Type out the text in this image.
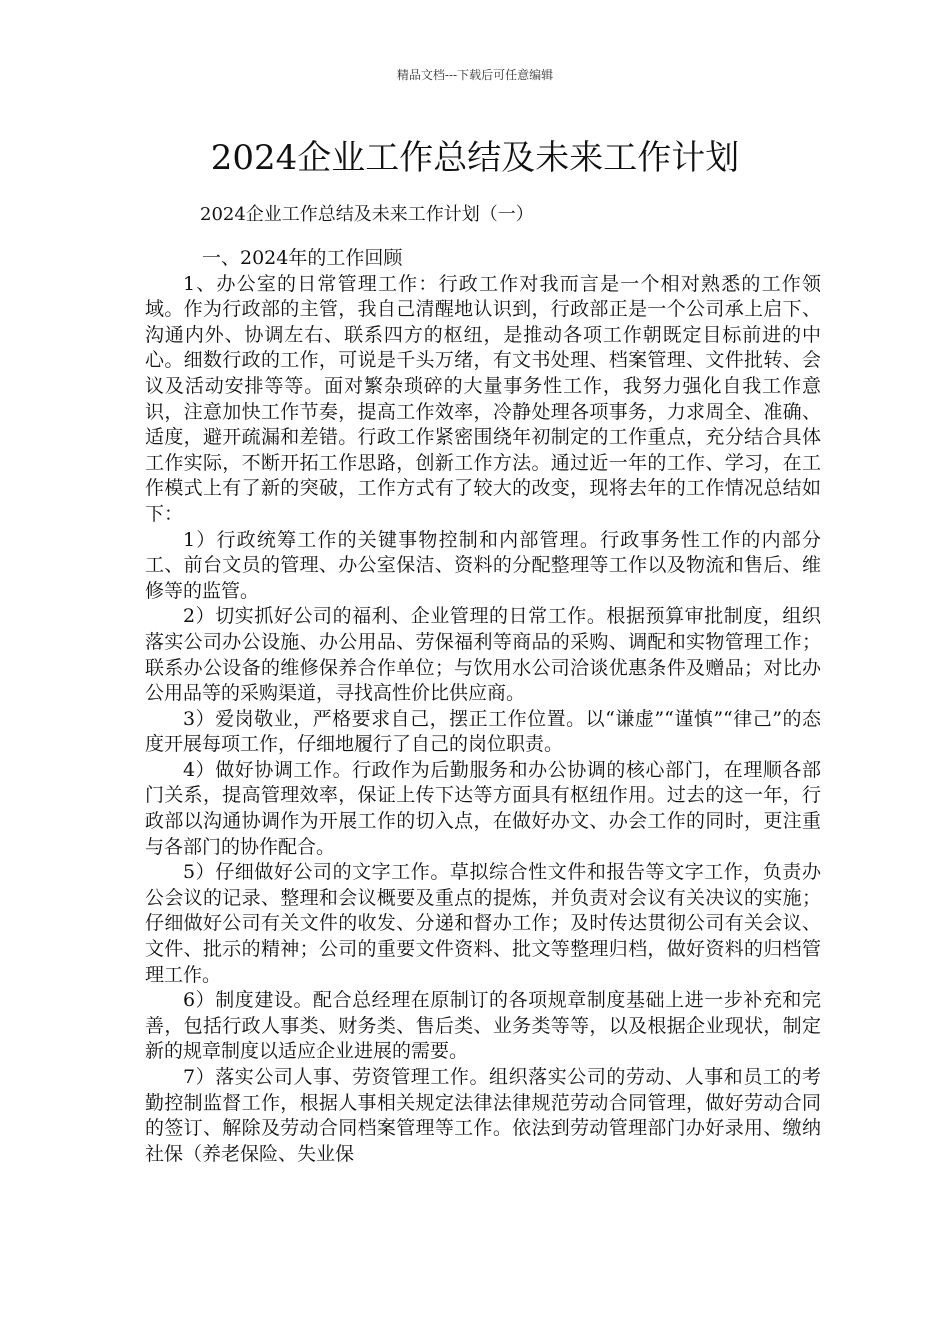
精品文档---下载后可任意编辑
2024企业工作总结及未来工作计划
2024企业工作总结及未来工作计划（一）

一、2024年的工作回顾

1、办公室的日常管理工作：行政工作对我而言是一个相对熟悉的工作领域。作为行政部的主管，我自己清醒地认识到，行政部正是一个公司承上启下、沟通内外、协调左右、联系四方的枢纽，是推动各项工作朝既定目标前进的中心。细数行政的工作，可说是千头万绪，有文书处理、档案管理、文件批转、会议及活动安排等等。面对繁杂琐碎的大量事务性工作，我努力强化自我工作意识，注意加快工作节奏，提高工作效率，冷静处理各项事务，力求周全、准确、适度，避开疏漏和差错。行政工作紧密围绕年初制定的工作重点，充分结合具体工作实际，不断开拓工作思路，创新工作方法。通过近一年的工作、学习，在工作模式上有了新的突破，工作方式有了较大的改变，现将去年的工作情况总结如下：

1）行政统筹工作的关键事物控制和内部管理。行政事务性工作的内部分工、前台文员的管理、办公室保洁、资料的分配整理等工作以及物流和售后、维修等的监管。

2）切实抓好公司的福利、企业管理的日常工作。根据预算审批制度，组织落实公司办公设施、办公用品、劳保福利等商品的采购、调配和实物管理工作；联系办公设备的维修保养合作单位；与饮用水公司洽谈优惠条件及赠品；对比办公用品等的采购渠道，寻找高性价比供应商。

3）爱岗敬业，严格要求自己，摆正工作位置。以“谦虚”“谨慎”“律己”的态度开展每项工作，仔细地履行了自己的岗位职责。

4）做好协调工作。行政作为后勤服务和办公协调的核心部门，在理顺各部门关系，提高管理效率，保证上传下达等方面具有枢纽作用。过去的这一年，行政部以沟通协调作为开展工作的切入点，在做好办文、办会工作的同时，更注重与各部门的协作配合。

5）仔细做好公司的文字工作。草拟综合性文件和报告等文字工作，负责办公会议的记录、整理和会议概要及重点的提炼，并负责对会议有关决议的实施；仔细做好公司有关文件的收发、分递和督办工作；及时传达贯彻公司有关会议、文件、批示的精神；公司的重要文件资料、批文等整理归档，做好资料的归档管理工作。

6）制度建设。配合总经理在原制订的各项规章制度基础上进一步补充和完善，包括行政人事类、财务类、售后类、业务类等等，以及根据企业现状，制定新的规章制度以适应企业进展的需要。

7）落实公司人事、劳资管理工作。组织落实公司的劳动、人事和员工的考勤控制监督工作，根据人事相关规定法律法律规范劳动合同管理，做好劳动合同的签订、解除及劳动合同档案管理等工作。依法到劳动管理部门办好录用、缴纳社保（养老保险、失业保
